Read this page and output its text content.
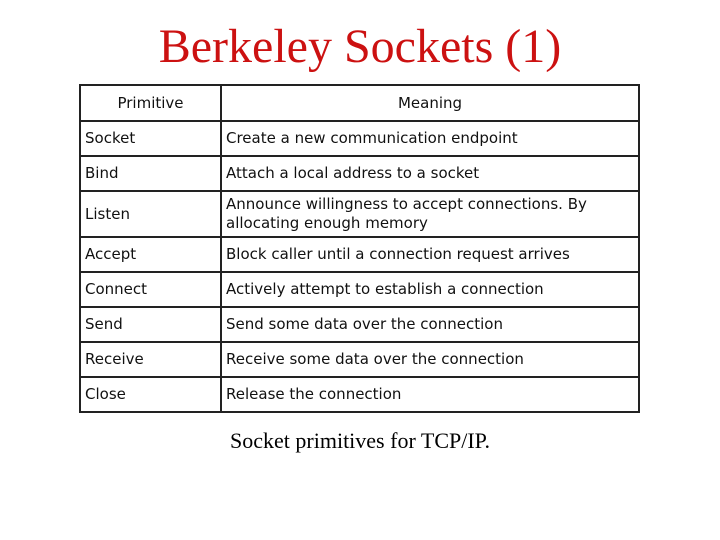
Berkeley Sockets (1)
Primitive	Meaning
Socket	Create a new communication endpoint
Bind	Attach a local address to a socket
Listen	Announce willingness to accept connections. By allocating enough memory
Accept	Block caller until a connection request arrives
Connect	Actively attempt to establish a connection
Send	Send some data over the connection
Receive	Receive some data over the connection
Close	Release the connection
Socket primitives for TCP/IP.
